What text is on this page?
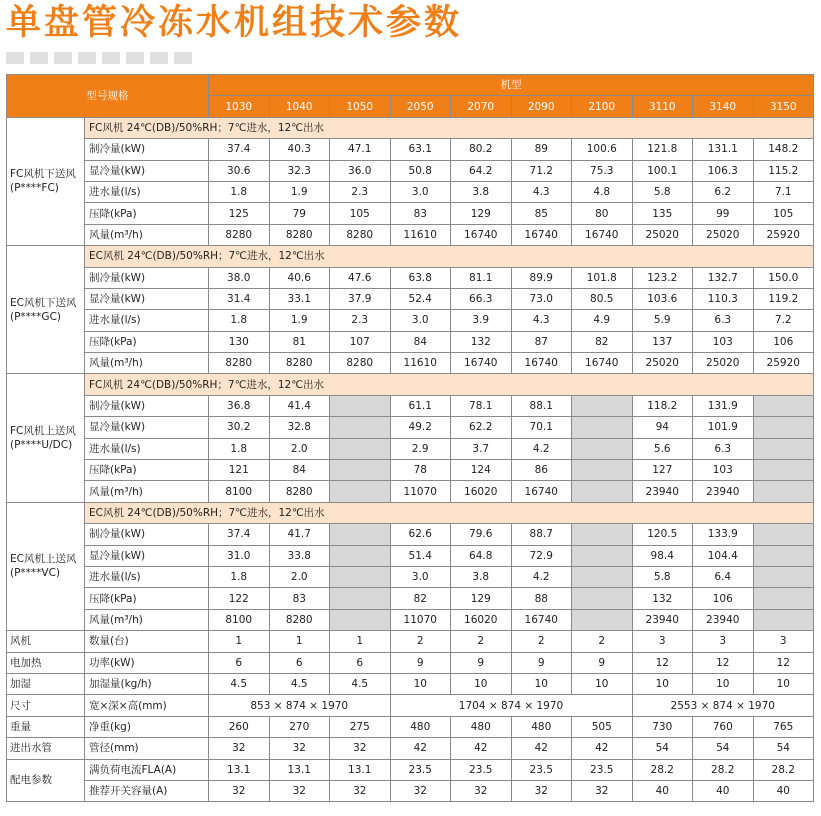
单盘管冷冻水机组技术参数
型号规格		机型									
		1030	1040	1050	2050	2070	2090	2100	3110	3140	3150
FC风机下送风
(P****FC)	FC风机 24℃(DB)/50%RH；7℃进水，12℃出水										
	制冷量(kW)	37.4	40.3	47.1	63.1	80.2	89	100.6	121.8	131.1	148.2
	显冷量(kW)	30.6	32.3	36.0	50.8	64.2	71.2	75.3	100.1	106.3	115.2
	进水量(l/s)	1.8	1.9	2.3	3.0	3.8	4.3	4.8	5.8	6.2	7.1
	压降(kPa)	125	79	105	83	129	85	80	135	99	105
	风量(m³/h)	8280	8280	8280	11610	16740	16740	16740	25020	25020	25920
EC风机下送风
(P****GC)	EC风机 24℃(DB)/50%RH；7℃进水，12℃出水										
	制冷量(kW)	38.0	40.6	47.6	63.8	81.1	89.9	101.8	123.2	132.7	150.0
	显冷量(kW)	31.4	33.1	37.9	52.4	66.3	73.0	80.5	103.6	110.3	119.2
	进水量(l/s)	1.8	1.9	2.3	3.0	3.9	4.3	4.9	5.9	6.3	7.2
	压降(kPa)	130	81	107	84	132	87	82	137	103	106
	风量(m³/h)	8280	8280	8280	11610	16740	16740	16740	25020	25020	25920
FC风机上送风
(P****U/DC)	FC风机 24℃(DB)/50%RH；7℃进水，12℃出水										
	制冷量(kW)	36.8	41.4		61.1	78.1	88.1		118.2	131.9	
	显冷量(kW)	30.2	32.8		49.2	62.2	70.1		94	101.9	
	进水量(l/s)	1.8	2.0		2.9	3.7	4.2		5.6	6.3	
	压降(kPa)	121	84		78	124	86		127	103	
	风量(m³/h)	8100	8280		11070	16020	16740		23940	23940	
EC风机上送风
(P****VC)	EC风机 24℃(DB)/50%RH；7℃进水，12℃出水										
	制冷量(kW)	37.4	41.7		62.6	79.6	88.7		120.5	133.9	
	显冷量(kW)	31.0	33.8		51.4	64.8	72.9		98.4	104.4	
	进水量(l/s)	1.8	2.0		3.0	3.8	4.2		5.8	6.4	
	压降(kPa)	122	83		82	129	88		132	106	
	风量(m³/h)	8100	8280		11070	16020	16740		23940	23940	
风机	数量(台)	1	1	1	2	2	2	2	3	3	3
电加热	功率(kW)	6	6	6	9	9	9	9	12	12	12
加湿	加湿量(kg/h)	4.5	4.5	4.5	10	10	10	10	10	10	10
尺寸	宽×深×高(mm)	853 × 874 × 1970			1704 × 874 × 1970				2553 × 874 × 1970		
重量	净重(kg)	260	270	275	480	480	480	505	730	760	765
进出水管	管径(mm)	32	32	32	42	42	42	42	54	54	54
配电参数	满负荷电流FLA(A)	13.1	13.1	13.1	23.5	23.5	23.5	23.5	28.2	28.2	28.2
	推荐开关容量(A)	32	32	32	32	32	32	32	40	40	40
